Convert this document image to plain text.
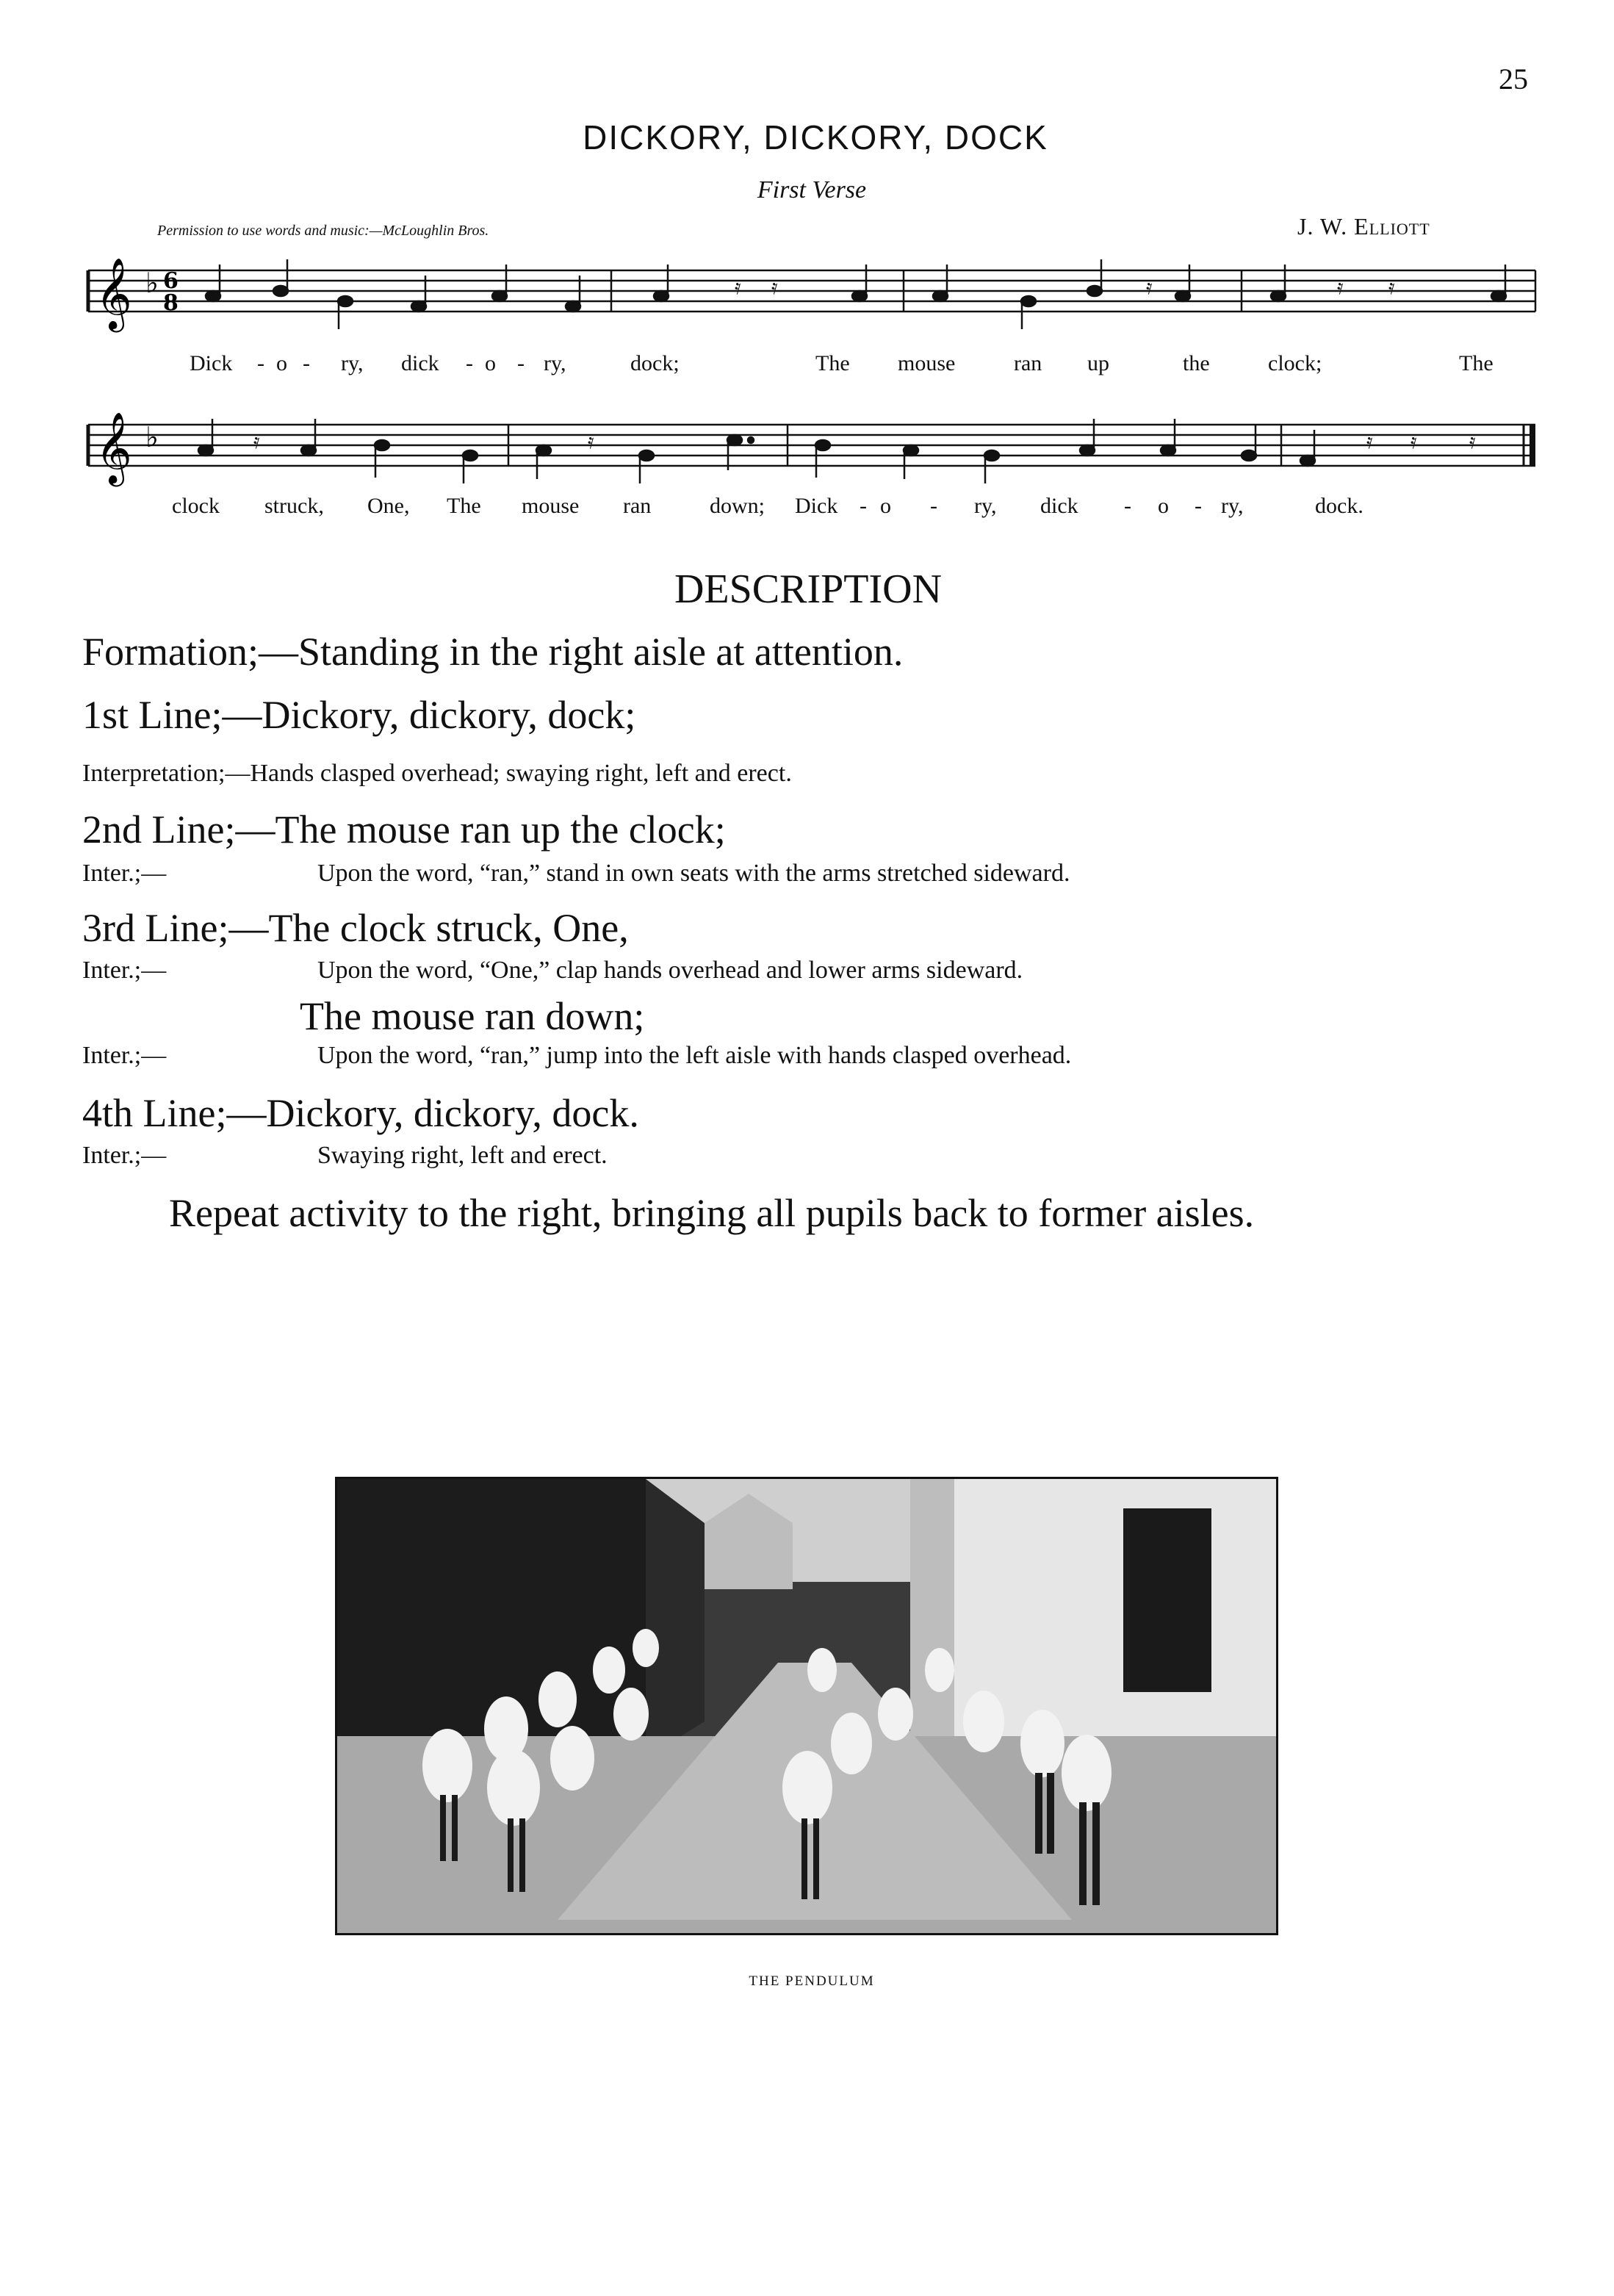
25
DICKORY, DICKORY, DOCK
First Verse
Permission to use words and music:—McLoughlin Bros.	J. W. Elliott
𝄞 ♭ 6
8
𝄿 𝄿	𝄿	𝄿 𝄿
Dick - o - ry, dick - o - ry,	dock;	The mouse	ran up	the	clock;	The
𝄞 ♭	𝄿	𝄿	𝄿 𝄿	𝄿
clock struck, One, The mouse ran	down; Dick - o - ry, dick - o - ry,	dock.
DESCRIPTION
Formation;—Standing in the right aisle at attention.
1st Line;—Dickory, dickory, dock;
Interpretation;—Hands clasped overhead; swaying right, left and erect.
2nd Line;—The mouse ran up the clock;
Inter.;—	Upon the word, “ran,” stand in own seats with the arms stretched sideward.
3rd Line;—The clock struck, One,
Inter.;—	Upon the word, “One,” clap hands overhead and lower arms sideward.
The mouse ran down;
Inter.;—	Upon the word, “ran,” jump into the left aisle with hands clasped overhead.
4th Line;—Dickory, dickory, dock.
Inter.;—	Swaying right, left and erect.
Repeat activity to the right, bringing all pupils back to former aisles.
THE PENDULUM
